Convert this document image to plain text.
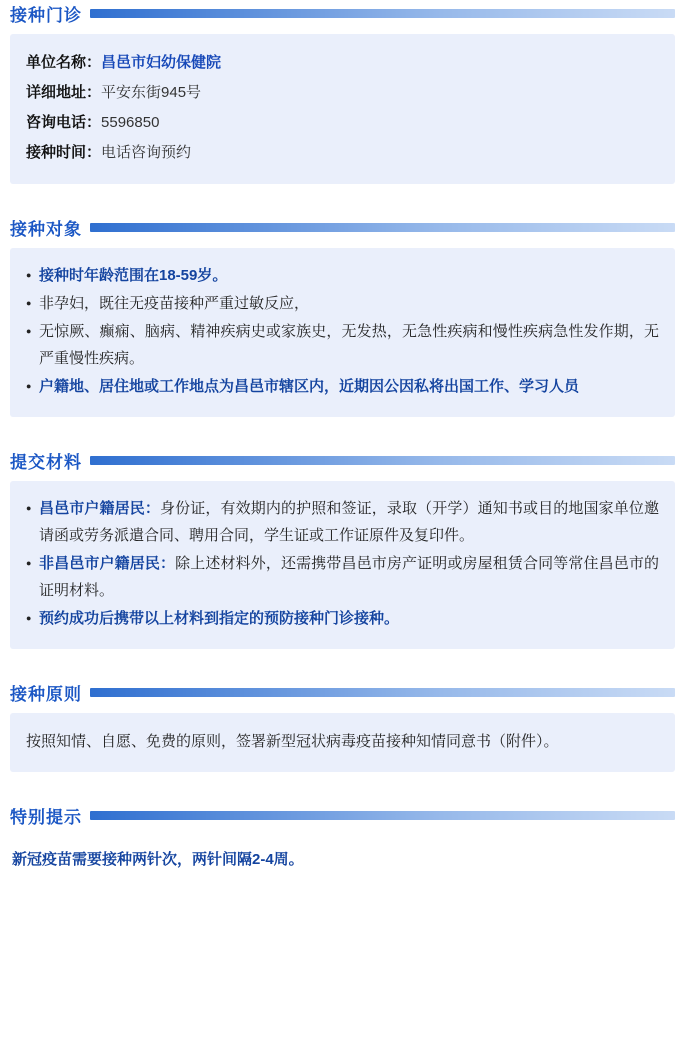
接种门诊
单位名称 ： 昌邑市妇幼保健院
详细地址 ： 平安东街945号
咨询电话 ： 5596850
接种时间 ： 电话咨询预约
接种对象
● 接种时年龄范围在18-59岁。
● 非孕妇，既往无疫苗接种严重过敏反应，
● 无惊厥、癫痫、脑病、精神疾病史或家族史，无发热，无急性疾病和慢性疾病急性发作期，无严重慢性疾病。
● 户籍地、居住地或工作地点为昌邑市辖区内，近期因公因私将出国工作、学习人员
提交材料
● 昌邑市户籍居民：身份证，有效期内的护照和签证，录取（开学）通知书或目的地国家单位邀请函或劳务派遣合同、聘用合同，学生证或工作证原件及复印件。
● 非昌邑市户籍居民：除上述材料外，还需携带昌邑市房产证明或房屋租赁合同等常住昌邑市的证明材料。
● 预约成功后携带以上材料到指定的预防接种门诊接种。
接种原则
按照知情、自愿、免费的原则，签署新型冠状病毒疫苗接种知情同意书（附件）。
特别提示
新冠疫苗需要接种两针次，两针间隔2-4周。
